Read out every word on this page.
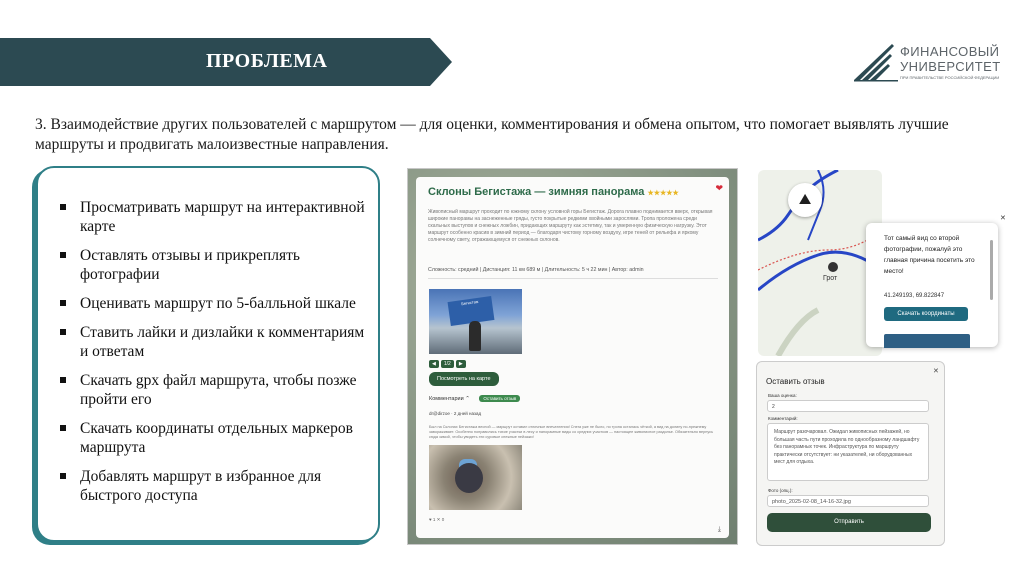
ПРОБЛЕМА	ФИНАНСОВЫЙ
УНИВЕРСИТЕТ
ПРИ ПРАВИТЕЛЬСТВЕ РОССИЙСКОЙ ФЕДЕРАЦИИ
3. Взаимодействие других пользователей с маршрутом — для оценки, комментирования и обмена опытом, что помогает выявлять лучшие маршруты и продвигать малоизвестные направления.
Просматривать маршрут на интерактивной карте
Оставлять отзывы и прикреплять фотографии
Оценивать маршрут по 5-балльной шкале
Ставить лайки и дизлайки к комментариям и ответам
Скачать gpx файл маршрута, чтобы позже пройти его
Скачать координаты отдельных маркеров маршрута
Добавлять маршрут в избранное для быстрого доступа
Склоны Бегистажа — зимняя панорама ★★★★★
❤
Живописный маршрут проходит по южному склону условной горы Бегистаж. Дорога плавно поднимается вверх, открывая широкие панорамы на заснеженные гряды, густо покрытые редкими хвойными зарослями. Тропа проложена среди скальных выступов и снежных ложбин, придающих маршруту как эстетику, так и умеренную физическую нагрузку. Этот маршрут особенно красив в зимний период — благодаря чистому горному воздуху, игре теней от рельефа и яркому солнечному свету, отражающемуся от снежных склонов.
Сложность: средний | Дистанция: 11 км 689 м | Длительность: 5 ч 22 мин | Автор: admin
Бегистаж
◀ 1/2 ▶
Посмотреть на карте
Комментарии ⌃	Оставить отзыв
dr@dirzoe · 2 дней назад
Был на Склонах Бегистажа весной — маршрут оставил отличные впечатления! Снега уже не было, но тропа осталась чёткой, а вид на долину по-прежнему завораживает. Особенно понравились тихие участки в лесу и панорамные виды со средних участков — настоящее живописное раздолье. Обязательно вернусь сюда зимой, чтобы увидеть эти суровые снежные пейзажи!
♥ 1 ✕ 0
⤓
⛰
Грот
✕
Тот самый вид со второй фотографии, пожалуй это главная причина посетить это место!
41.249193, 69.822847
Скачать координаты
Оставить отзыв
✕
Ваша оценка:
2
Комментарий:
Маршрут разочаровал. Ожидал живописных пейзажей, но большая часть пути проходила по однообразному ландшафту без панорамных точек. Инфраструктура по маршруту практически отсутствует: ни указателей, ни оборудованных мест для отдыха.
Фото (опц.):
photo_2025-02-08_14-16-32.jpg
Отправить
